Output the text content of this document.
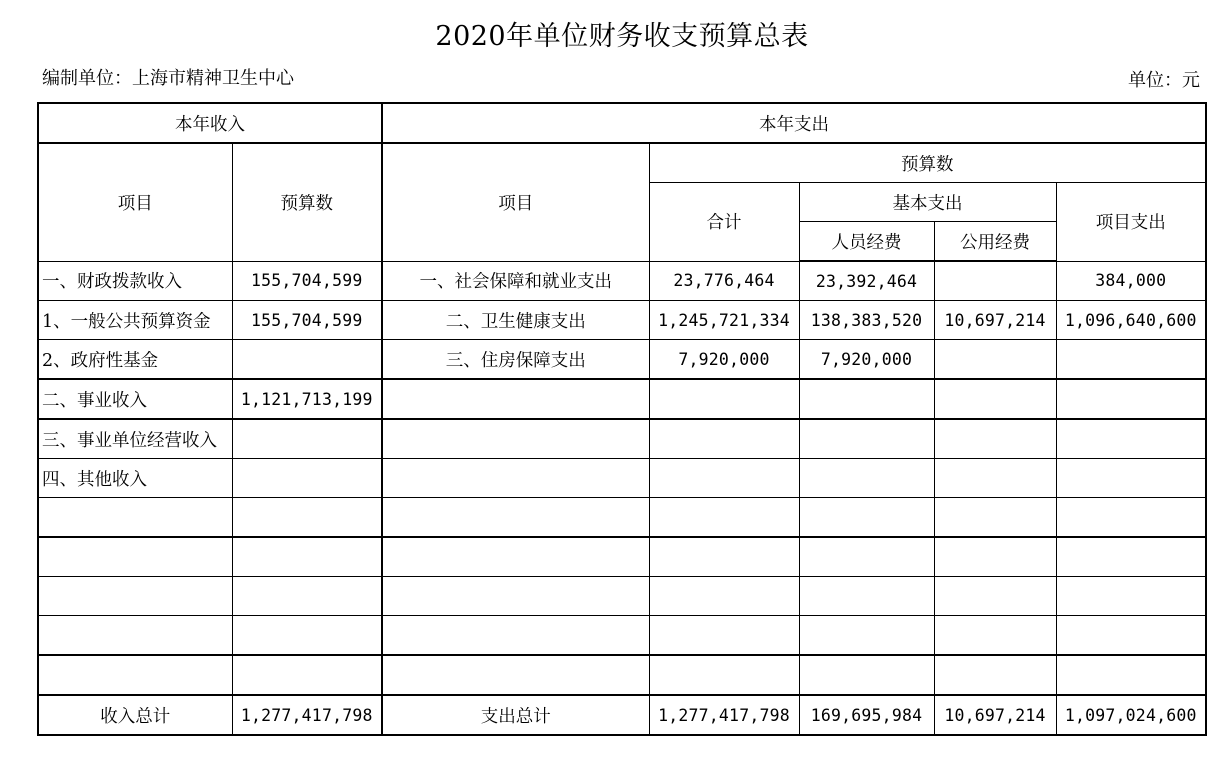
2020年单位财务收支预算总表
编制单位：上海市精神卫生中心	单位：元
本年收入		本年支出				
项目	预算数	项目	预算数			
			合计	基本支出		项目支出
				人员经费	公用经费	
一、财政拨款收入	155,704,599	一、社会保障和就业支出	23,776,464	23,392,464		384,000
1、一般公共预算资金	155,704,599	二、卫生健康支出	1,245,721,334	138,383,520	10,697,214	1,096,640,600
2、政府性基金		三、住房保障支出	7,920,000	7,920,000		
二、事业收入	1,121,713,199					
三、事业单位经营收入						
四、其他收入						

收入总计	1,277,417,798	支出总计	1,277,417,798	169,695,984	10,697,214	1,097,024,600
